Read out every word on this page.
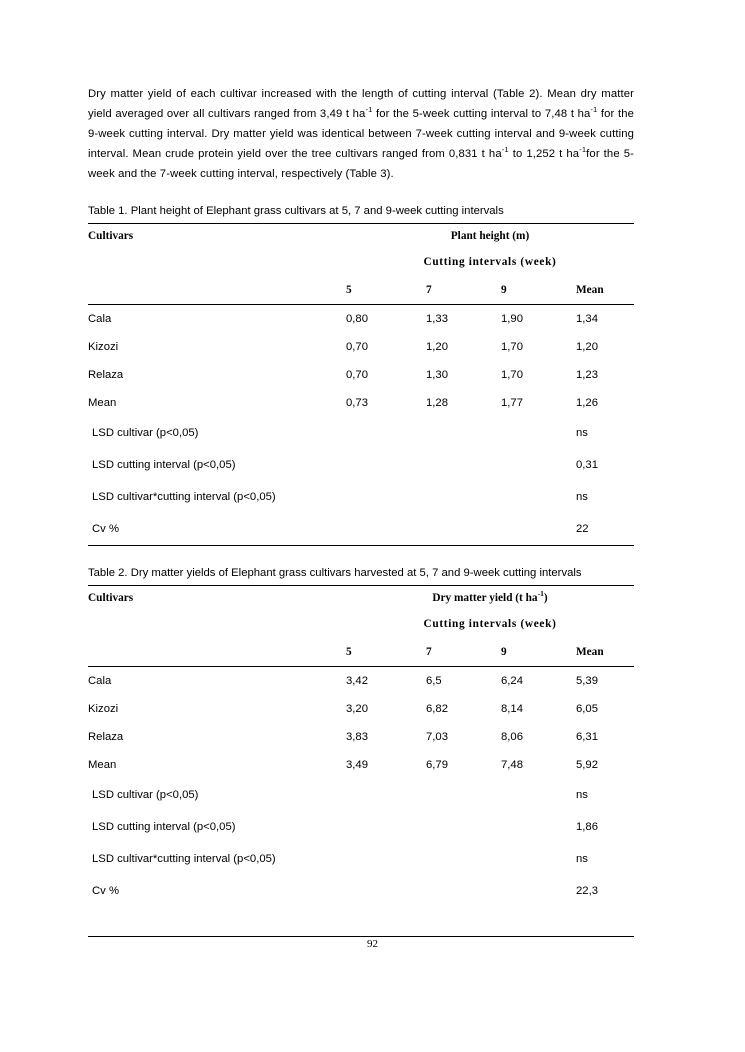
Dry matter yield of each cultivar increased with the length of cutting interval (Table 2). Mean dry matter yield averaged over all cultivars ranged from 3,49 t $ha^{-1}$ for the 5-week cutting interval to 7,48 t $ha^{-1}$ for the 9-week cutting interval. Dry matter yield was identical between 7-week cutting interval and 9-week cutting interval. Mean crude protein yield over the tree cultivars ranged from 0,831 t $ha^{-1}$ to 1,252 t $ha^{-1}for$ the 5-week and the 7-week cutting interval, respectively (Table 3).

Table 1. Plant height of Elephant grass cultivars at 5, 7 and 9-week cutting intervals
Cultivars	Plant height (m)			
	Cutting intervals (week)			
	5	7	9	Mean
Cala	0,80	1,33	1,90	1,34
Kizozi	0,70	1,20	1,70	1,20
Relaza	0,70	1,30	1,70	1,23
Mean	0,73	1,28	1,77	1,26
LSD cultivar (p<0,05)				ns
LSD cutting interval (p<0,05)				0,31
LSD cultivar*cutting interval (p<0,05)				ns
Cv %				22
Table 2. Dry matter yields of Elephant grass cultivars harvested at 5, 7 and 9-week cutting intervals
Cultivars	Dry matter yield (t $ha^{-1}$)			
	Cutting intervals (week)			
	5	7	9	Mean
Cala	3,42	6,5	6,24	5,39
Kizozi	3,20	6,82	8,14	6,05
Relaza	3,83	7,03	8,06	6,31
Mean	3,49	6,79	7,48	5,92
LSD cultivar (p<0,05)				ns
LSD cutting interval (p<0,05)				1,86
LSD cultivar*cutting interval (p<0,05)				ns
Cv %				22,3
92
